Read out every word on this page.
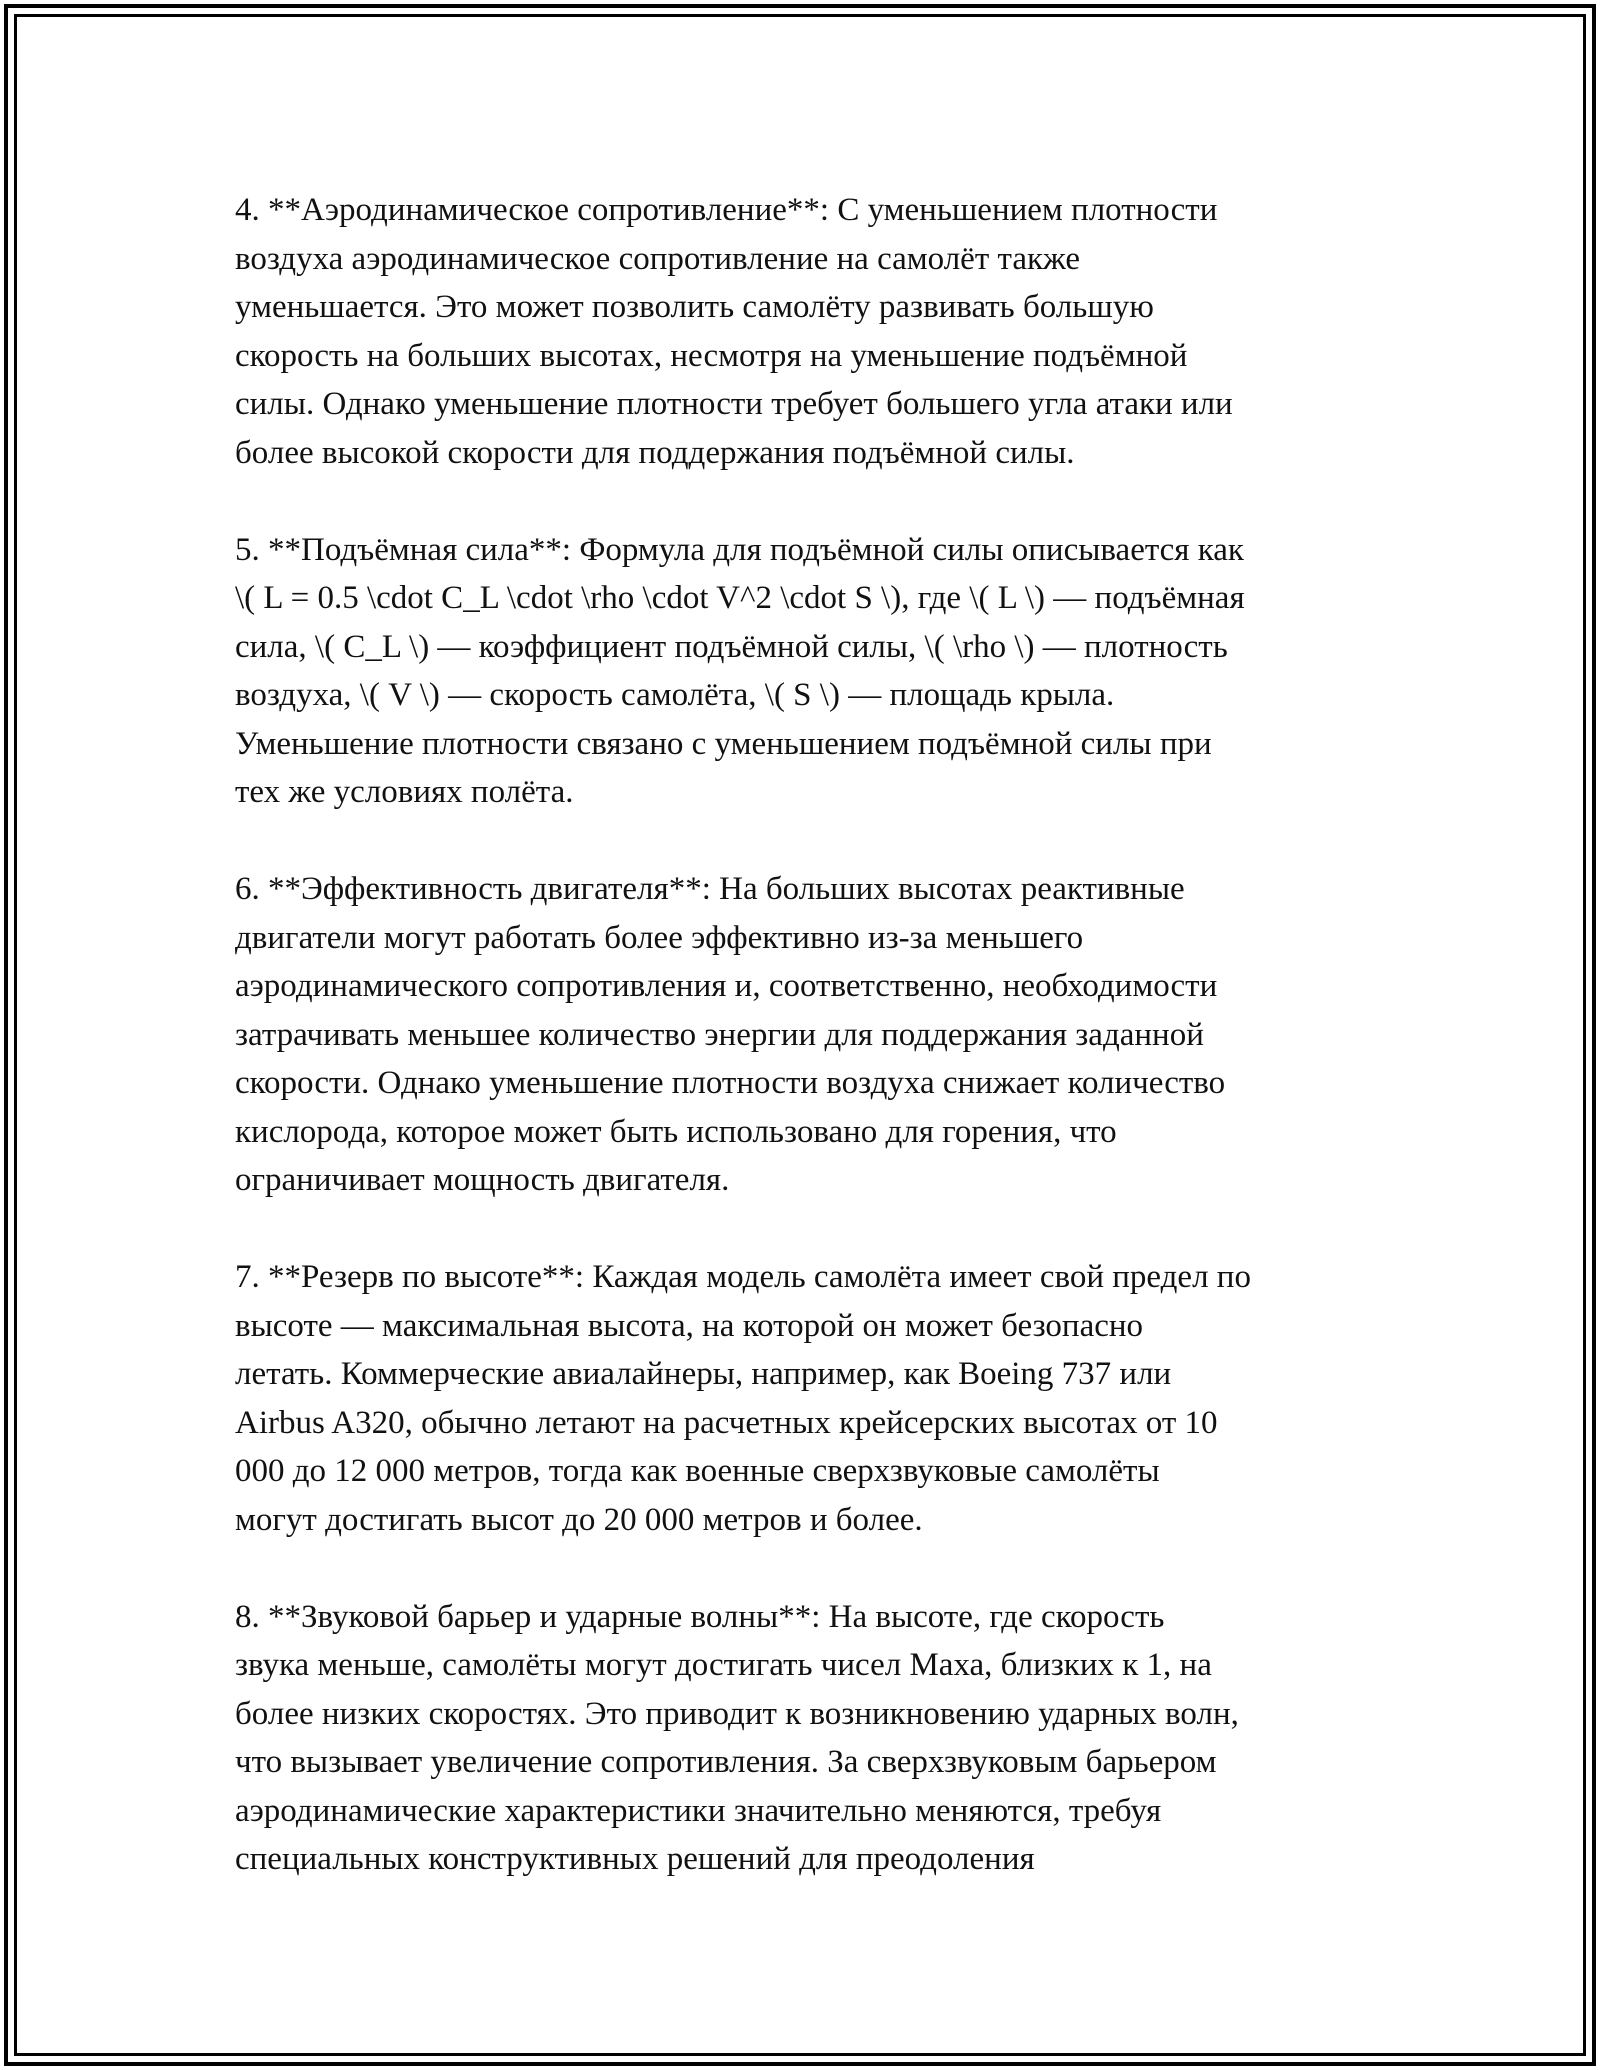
4. **Аэродинамическое сопротивление**: С уменьшением плотности
воздуха аэродинамическое сопротивление на самолёт также
уменьшается. Это может позволить самолёту развивать большую
скорость на больших высотах, несмотря на уменьшение подъёмной
силы. Однако уменьшение плотности требует большего угла атаки или
более высокой скорости для поддержания подъёмной силы.

5. **Подъёмная сила**: Формула для подъёмной силы описывается как
\( L = 0.5 \cdot C_L \cdot \rho \cdot V^2 \cdot S \), где \( L \) — подъёмная
сила, \( C_L \) — коэффициент подъёмной силы, \( \rho \) — плотность
воздуха, \( V \) — скорость самолёта, \( S \) — площадь крыла.
Уменьшение плотности связано с уменьшением подъёмной силы при
тех же условиях полёта.

6. **Эффективность двигателя**: На больших высотах реактивные
двигатели могут работать более эффективно из-за меньшего
аэродинамического сопротивления и, соответственно, необходимости
затрачивать меньшее количество энергии для поддержания заданной
скорости. Однако уменьшение плотности воздуха снижает количество
кислорода, которое может быть использовано для горения, что
ограничивает мощность двигателя.

7. **Резерв по высоте**: Каждая модель самолёта имеет свой предел по
высоте — максимальная высота, на которой он может безопасно
летать. Коммерческие авиалайнеры, например, как Boeing 737 или
Airbus A320, обычно летают на расчетных крейсерских высотах от 10
000 до 12 000 метров, тогда как военные сверхзвуковые самолёты
могут достигать высот до 20 000 метров и более.

8. **Звуковой барьер и ударные волны**: На высоте, где скорость
звука меньше, самолёты могут достигать чисел Маха, близких к 1, на
более низких скоростях. Это приводит к возникновению ударных волн,
что вызывает увеличение сопротивления. За сверхзвуковым барьером
аэродинамические характеристики значительно меняются, требуя
специальных конструктивных решений для преодоления
